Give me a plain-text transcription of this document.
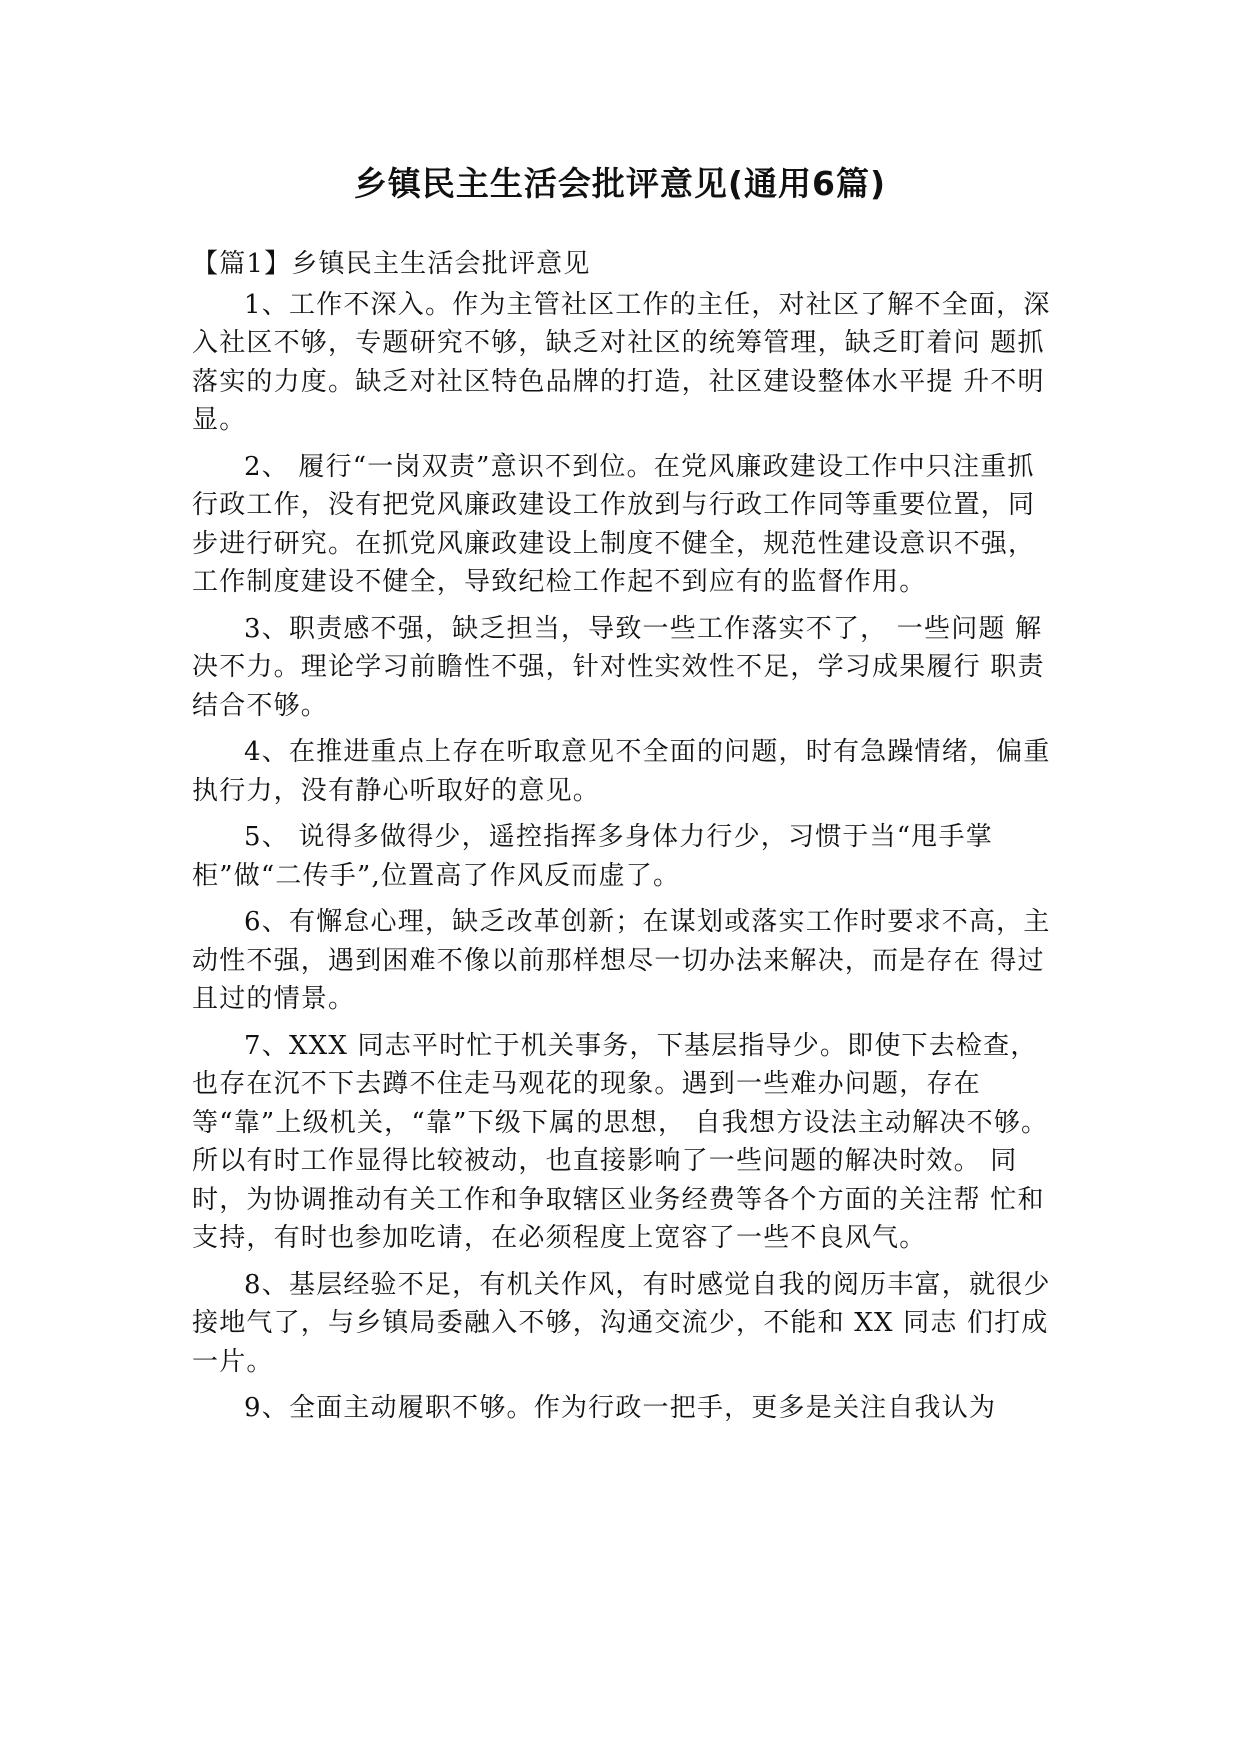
乡镇民主生活会批评意见(通用6篇)

【篇1】乡镇民主生活会批评意见

1、工作不深入。作为主管社区工作的主任，对社区了解不全面，深入社区不够，专题研究不够，缺乏对社区的统筹管理，缺乏盯着问 题抓落实的力度。缺乏对社区特色品牌的打造，社区建设整体水平提 升不明显。

2、 履行“一岗双责”意识不到位。在党风廉政建设工作中只注重抓行政工作，没有把党风廉政建设工作放到与行政工作同等重要位置，同步进行研究。在抓党风廉政建设上制度不健全，规范性建设意识不强，工作制度建设不健全，导致纪检工作起不到应有的监督作用。

3、职责感不强，缺乏担当，导致一些工作落实不了， 一些问题 解决不力。理论学习前瞻性不强，针对性实效性不足，学习成果履行 职责结合不够。

4、在推进重点上存在听取意见不全面的问题，时有急躁情绪，偏重执行力，没有静心听取好的意见。

5、 说得多做得少，遥控指挥多身体力行少，习惯于当“甩手掌柜”做“二传手”,位置高了作风反而虚了。

6、有懈怠心理，缺乏改革创新；在谋划或落实工作时要求不高，主动性不强，遇到困难不像以前那样想尽一切办法来解决，而是存在 得过且过的情景。

7、XXX 同志平时忙于机关事务，下基层指导少。即使下去检查，也存在沉不下去蹲不住走马观花的现象。遇到一些难办问题，存在等“靠”上级机关，“靠”下级下属的思想， 自我想方设法主动解决不够。所以有时工作显得比较被动，也直接影响了一些问题的解决时效。 同时，为协调推动有关工作和争取辖区业务经费等各个方面的关注帮 忙和支持，有时也参加吃请，在必须程度上宽容了一些不良风气。

8、基层经验不足，有机关作风，有时感觉自我的阅历丰富，就很少接地气了，与乡镇局委融入不够，沟通交流少，不能和 XX 同志 们打成一片。

9、全面主动履职不够。作为行政一把手，更多是关注自我认为
